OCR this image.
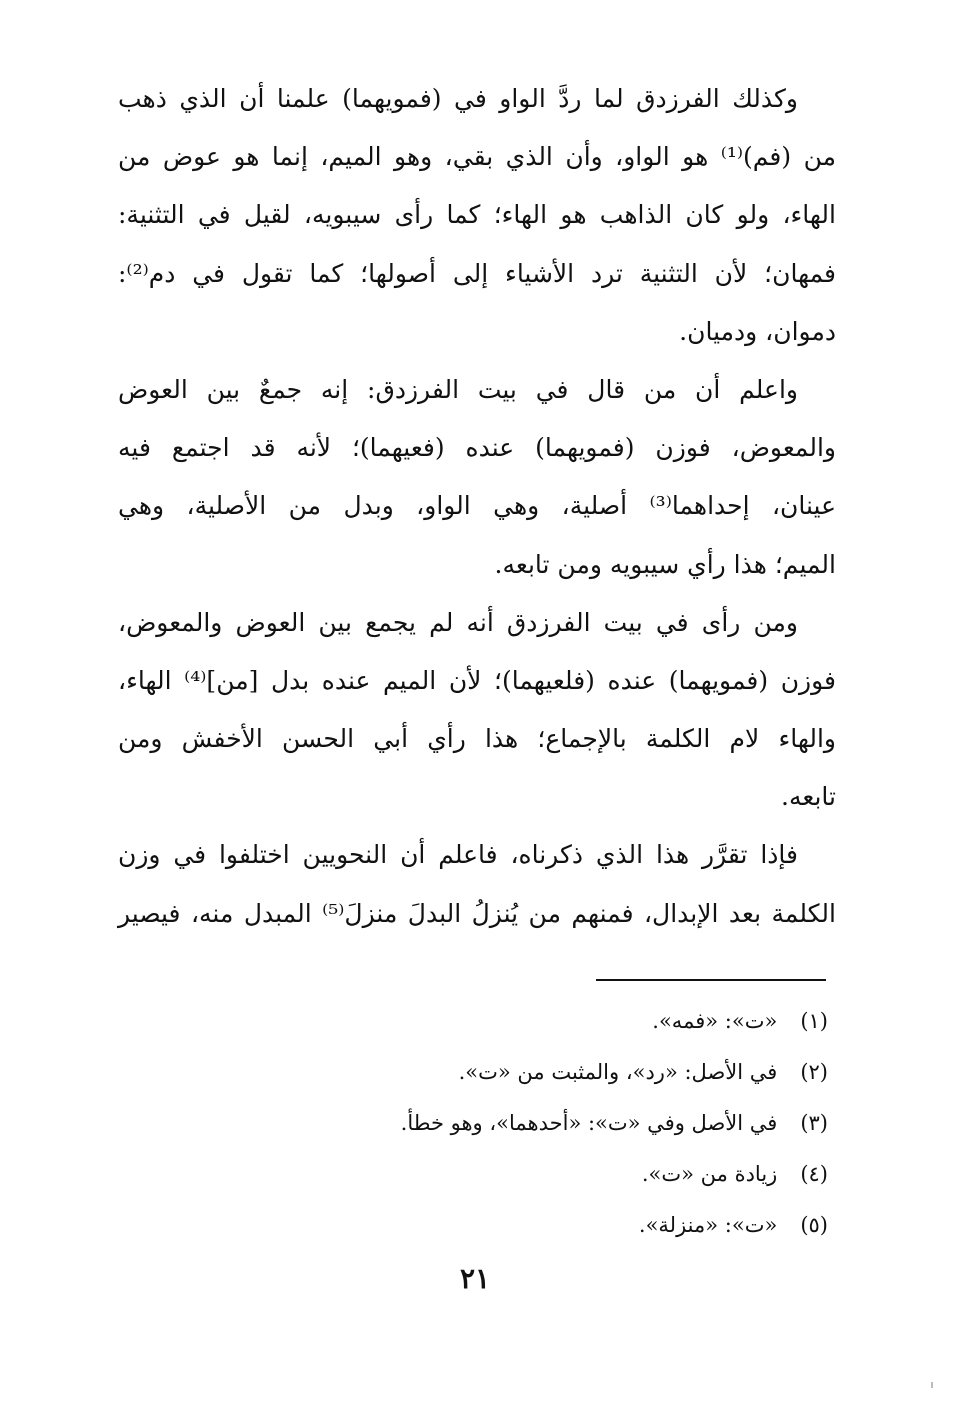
وكذلك الفرزدق لما ردَّ الواو في (فمويهما) علمنا أن الذي ذهب
من (فم)⁽¹⁾ هو الواو، وأن الذي بقي، وهو الميم، إنما هو عوض من
الهاء، ولو كان الذاهب هو الهاء؛ كما رأى سيبويه، لقيل في التثنية:
فمهان؛ لأن التثنية ترد الأشياء إلى أصولها؛ كما تقول في دم⁽²⁾:
دموان، ودميان.
واعلم أن من قال في بيت الفرزدق: إنه جمعٌ بين العوض
والمعوض، فوزن (فمويهما) عنده (فعيهما)؛ لأنه قد اجتمع فيه
عينان، إحداهما⁽³⁾ أصلية، وهي الواو، وبدل من الأصلية، وهي
الميم؛ هذا رأي سيبويه ومن تابعه.
ومن رأى في بيت الفرزدق أنه لم يجمع بين العوض والمعوض،
فوزن (فمويهما) عنده (فلعيهما)؛ لأن الميم عنده بدل [من]⁽⁴⁾ الهاء،
والهاء لام الكلمة بالإجماع؛ هذا رأي أبي الحسن الأخفش ومن
تابعه.
فإذا تقرَّر هذا الذي ذكرناه، فاعلم أن النحويين اختلفوا في وزن
الكلمة بعد الإبدال، فمنهم من يُنزلُ البدلَ منزلَ⁽⁵⁾ المبدل منه، فيصير
(١) «ت»: «فمه».
(٢) في الأصل: «رد»، والمثبت من «ت».
(٣) في الأصل وفي «ت»: «أحدهما»، وهو خطأ.
(٤) زيادة من «ت».
(٥) «ت»: «منزلة».
٢١
